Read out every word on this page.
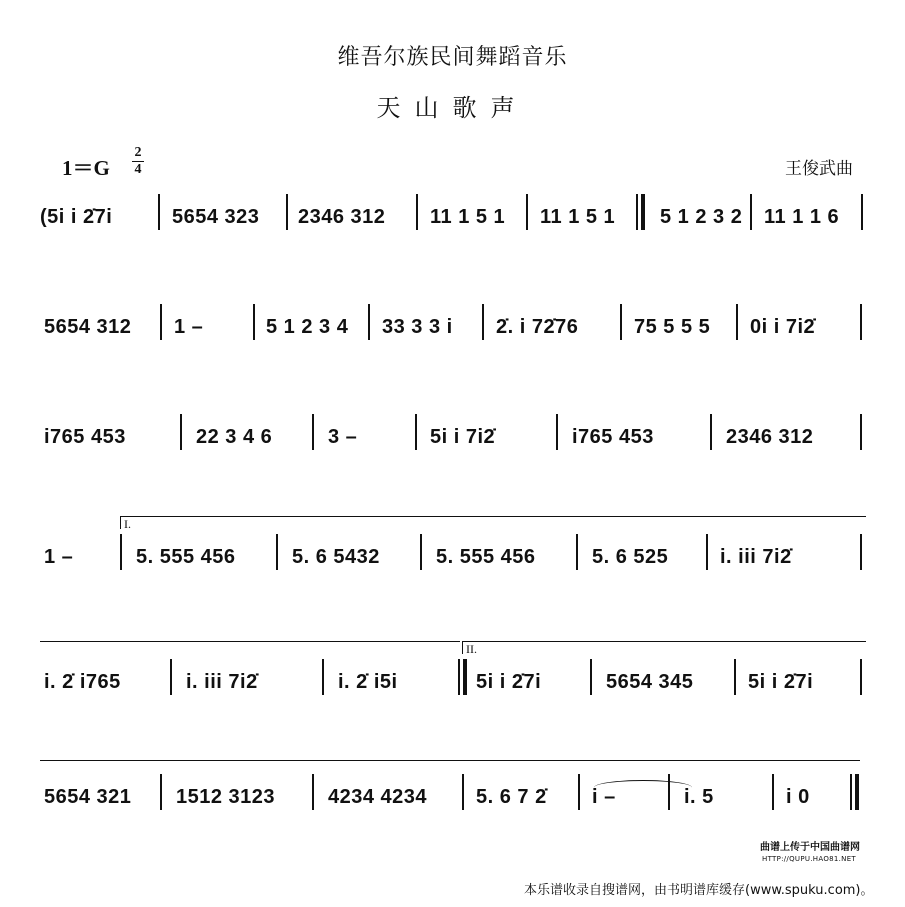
维吾尔族民间舞蹈音乐
天山歌声
1＝G
2
4	王俊武曲
(5i i 2̇7i	5654 323 2346 312 11 1 5 1 11 1 5 1 5 1 2 3 2 11 1 1 6
5654 312 1 –	5 1 2 3 4 33 3 3 i 2̇. i 72̇76	75 5 5 5 0i i 7i2̇
i765 453	22 3 4 6	3 –	5i i 7i2̇	i765 453	2346 312
I.
1 –	5. 555 456	5. 6 5432	5. 555 456	5. 6 525	i. iii 7i2̇
II.
i. 2̇ i765	i. iii 7i2̇	i. 2̇ i5i	5i i 2̇7i	5654 345	5i i 2̇7i
5654 321 1512 3123	4234 4234 5. 6 7 2̇ i –	i. 5	i 0
曲谱上传于中国曲谱网
HTTP://QUPU.HAO81.NET
本乐谱收录自搜谱网，由书明谱库缓存(www.spuku.com)。
